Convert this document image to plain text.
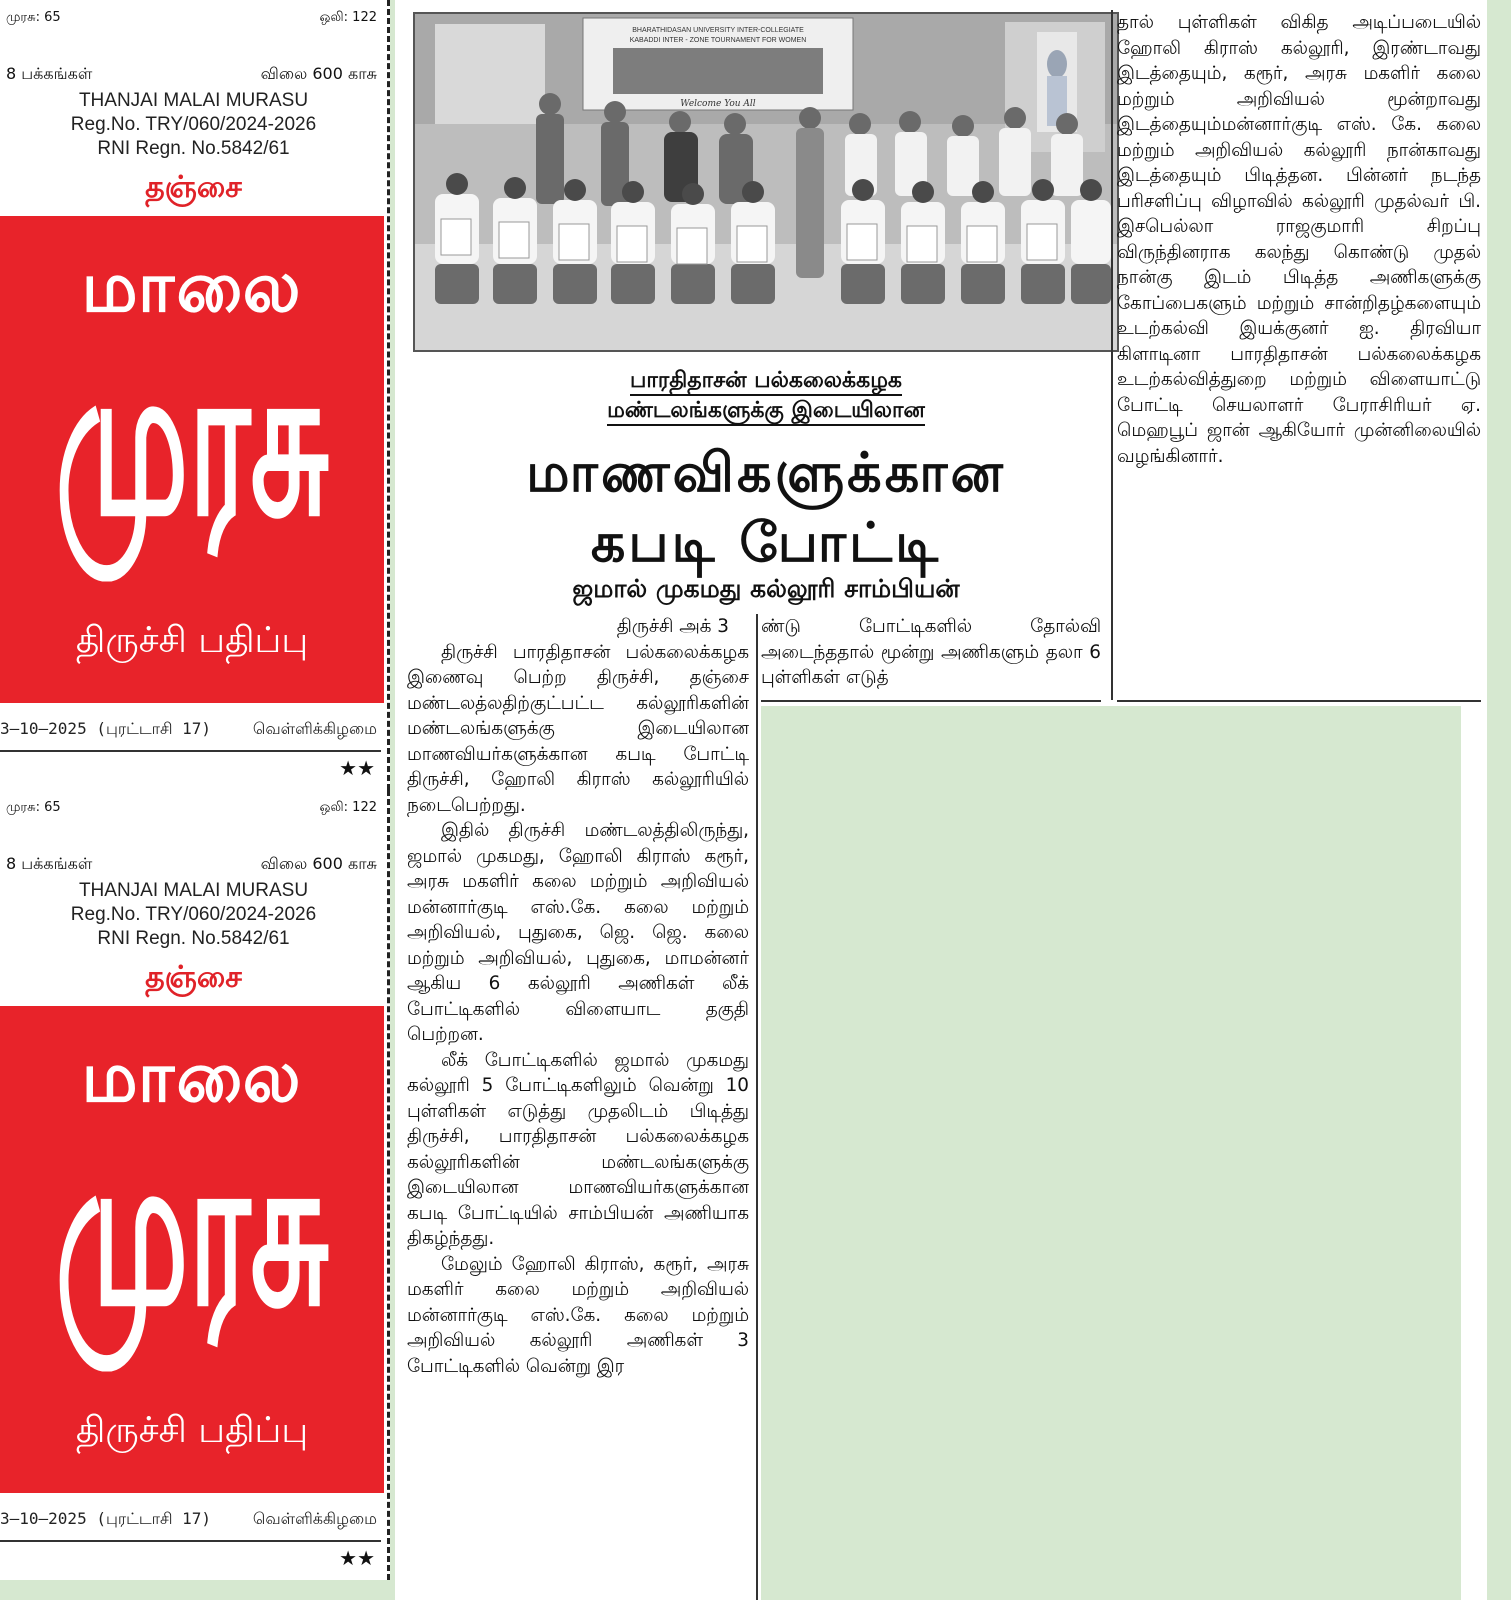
முரசு: 65	ஒலி: 122
8 பக்கங்கள்	விலை 600 காசு
THANJAI MALAI MURASU
Reg.No. TRY/060/2024-2026
RNI Regn. No.5842/61
தஞ்சை
மாலை
முரசு
திருச்சி பதிப்பு
3–10–2025 (புரட்டாசி 17)	வெள்ளிக்கிழமை
★★
முரசு: 65	ஒலி: 122
8 பக்கங்கள்	விலை 600 காசு
THANJAI MALAI MURASU
Reg.No. TRY/060/2024-2026
RNI Regn. No.5842/61
தஞ்சை
மாலை
முரசு
திருச்சி பதிப்பு
3–10–2025 (புரட்டாசி 17)	வெள்ளிக்கிழமை
★★
BHARATHIDASAN UNIVERSITY INTER-COLLEGIATE
KABADDI INTER - ZONE TOURNAMENT FOR WOMEN
Welcome You All
பாரதிதாசன் பல்கலைக்கழக
மண்டலங்களுக்கு இடையிலான
மாணவிகளுக்கான
கபடி போட்டி
ஜமால் முகமது கல்லூரி சாம்பியன்

திருச்சி அக் 3

திருச்சி பாரதிதாசன் பல்கலைக்கழக இணைவு பெற்ற திருச்சி, தஞ்சை மண்டலத்லதிற்குட்பட்ட கல்லூரிகளின் மண்டலங்களுக்கு இடையிலான மாணவியர்களுக்கான கபடி போட்டி திருச்சி, ஹோலி கிராஸ் கல்லூரியில் நடைபெற்றது.

இதில் திருச்சி மண்டலத்திலிருந்து, ஜமால் முகமது, ஹோலி கிராஸ் கரூர், அரசு மகளிர் கலை மற்றும் அறிவியல் மன்னார்குடி எஸ்.கே. கலை மற்றும் அறிவியல், புதுகை, ஜெ. ஜெ. கலை மற்றும் அறிவியல், புதுகை, மாமன்னர் ஆகிய 6 கல்லூரி அணிகள் லீக் போட்டிகளில் விளையாட தகுதி பெற்றன.

லீக் போட்டிகளில் ஜமால் முகமது கல்லூரி 5 போட்டிகளிலும் வென்று 10 புள்ளிகள் எடுத்து முதலிடம் பிடித்து திருச்சி, பாரதிதாசன் பல்கலைக்கழக கல்லூரிகளின் மண்டலங்களுக்கு இடையிலான மாணவியர்களுக்கான கபடி போட்டியில் சாம்பியன் அணியாக திகழ்ந்தது.

மேலும் ஹோலி கிராஸ், கரூர், அரசு மகளிர் கலை மற்றும் அறிவியல் மன்னார்குடி எஸ்.கே. கலை மற்றும் அறிவியல் கல்லூரி அணிகள் 3 போட்டிகளில் வென்று இர

ண்டு போட்டிகளில் தோல்வி அடைந்ததால் மூன்று அணிகளும் தலா 6 புள்ளிகள் எடுத்

தால் புள்ளிகள் விகித அடிப்படையில் ஹோலி கிராஸ் கல்லூரி, இரண்டாவது இடத்தையும், கரூர், அரசு மகளிர் கலை மற்றும் அறிவியல் மூன்றாவது இடத்தையும்மன்னார்குடி எஸ். கே. கலை மற்றும் அறிவியல் கல்லூரி நான்காவது இடத்தையும் பிடித்தன. பின்னர் நடந்த பரிசளிப்பு விழாவில் கல்லூரி முதல்வர் பி. இசபெல்லா ராஜகுமாரி சிறப்பு விருந்தினராக கலந்து கொண்டு முதல் நான்கு இடம் பிடித்த அணிகளுக்கு கோப்பைகளும் மற்றும் சான்றிதழ்களையும் உடற்கல்வி இயக்குனர் ஐ. திரவியா கிளாடினா பாரதிதாசன் பல்கலைக்கழக உடற்கல்வித்துறை மற்றும் விளையாட்டு போட்டி செயலாளர் பேராசிரியர் ஏ. மெஹபூப் ஜான் ஆகியோர் முன்னிலையில் வழங்கினார்.
